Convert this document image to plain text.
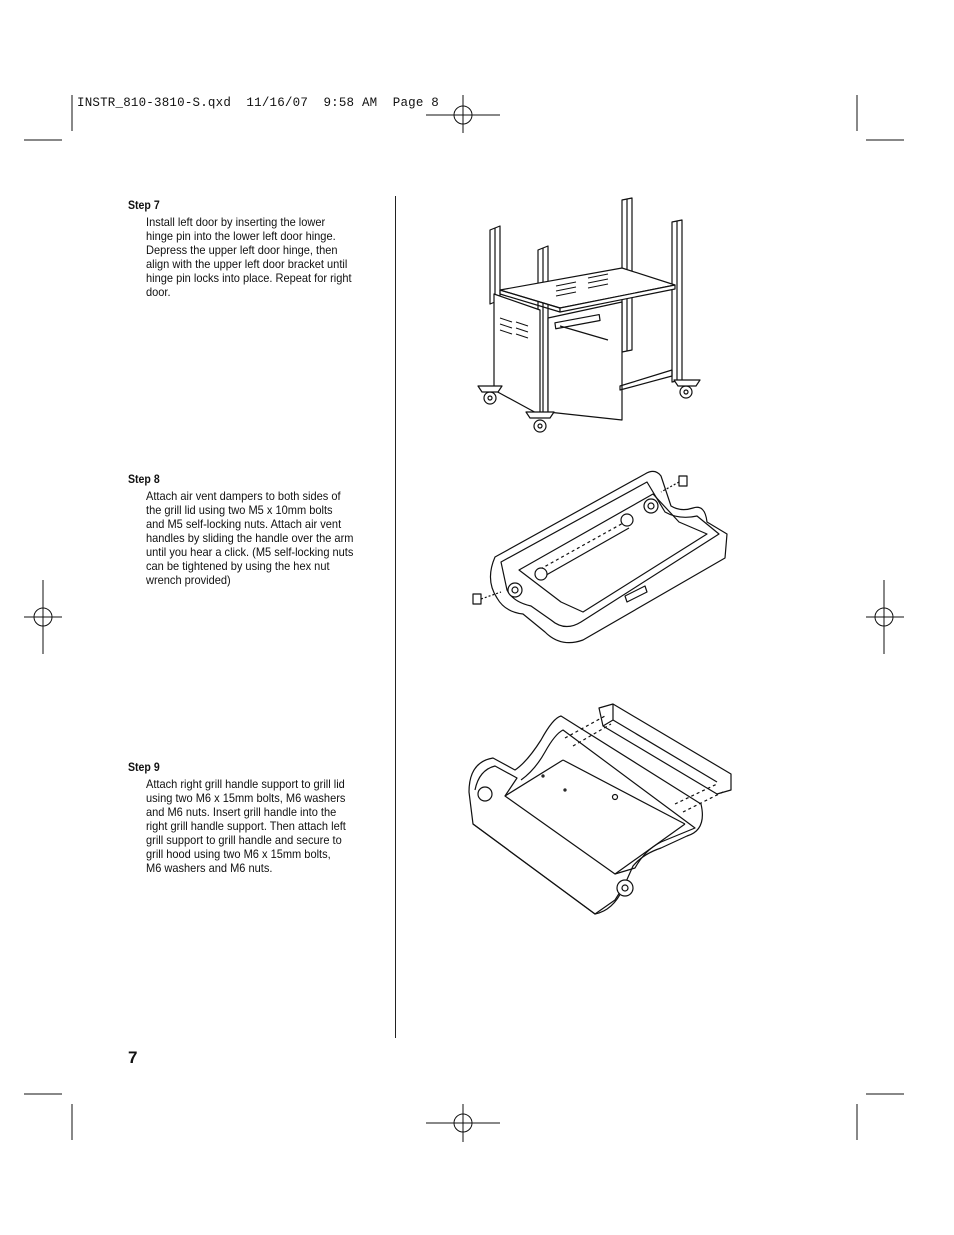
INSTR_810-3810-S.qxd  11/16/07  9:58 AM  Page 8
Step 7
Install left door by inserting the lower
hinge pin into the lower left door hinge.
Depress the upper left door hinge, then
align with the upper left door bracket until
hinge pin locks into place. Repeat for right
door.
Step 8
Attach air vent dampers to both sides of
the grill lid using two M5 x 10mm bolts
and M5 self-locking nuts. Attach air vent
handles by sliding the handle over the arm
until you hear a click. (M5 self-locking nuts
can be tightened by using the hex nut
wrench provided)
Step 9
Attach right grill handle support to grill lid
using two M6 x 15mm bolts, M6 washers
and M6 nuts. Insert grill handle into the
right grill handle support. Then attach left
grill support to grill handle and secure to
grill hood using two M6 x 15mm bolts,
M6 washers and M6 nuts.
7
